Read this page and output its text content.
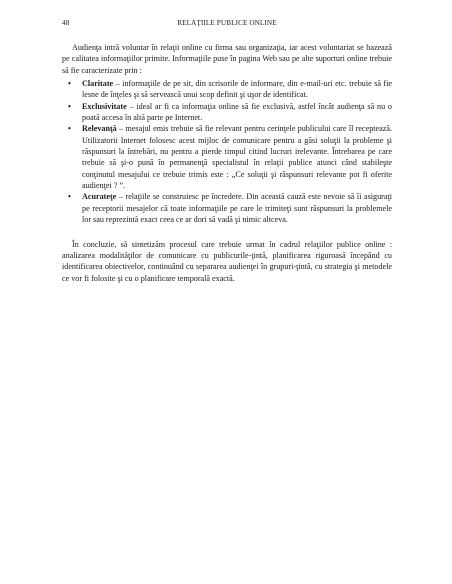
48	RELAŢIILE PUBLICE ONLINE

Audienţa intră voluntar în relaţii online cu firma sau organizaţia, iar acest voluntariat se bazează pe calitatea informaţiilor primite. Informaţiile puse în pagina Web sau pe alte suporturi online trebuie să fie caracterizate prin :

• Claritate – informaţiile de pe sit, din scrisorile de informare, din e-mail-uri etc. trebuie să fie lesne de înţeles şi să servească unui scop definit şi uşor de identificat.
• Exclusivitate – ideal ar fi ca informaţia online să fie exclusivă, astfel încât audienţa să nu o poată accesa în altă parte pe Internet.
• Relevanţă – mesajul emis trebuie să fie relevant pentru cerinţele publicului care îl receptează. Utilizatorii Internet folosesc acest mijloc de comunicare pentru a găsi soluţii la probleme şi răspunsuri la întrebări, nu pentru a pierde timpul citind lucruri irelevante. Întrebarea pe care trebuie să şi-o pună în permanenţă specialistul în relaţii publice atunci când stabileşte conţinutul mesajului ce trebuie trimis este : „Ce soluţii şi răspunsuri relevante pot fi oferite audienţei ? ”.
• Acurateţe – relaţiile se construiesc pe încredere. Din această cauză este nevoie să îi asiguraţi pe receptorii mesajelor că toate informaţiile pe care le trimiteţi sunt răspunsuri la problemele lor sau reprezintă exact ceea ce ar dori să vadă şi nimic altceva.

În concluzie, să sintetizăm procesul care trebuie urmat în cadrul relaţiilor publice online : analizarea modalităţilor de comunicare cu publicurile-ţintă, planificarea riguroasă începând cu identificarea obiectivelor, continuând cu separarea audienţei în grupuri-ţintă, cu strategia şi metodele ce vor fi folosite şi cu o planificare temporală exactă.
